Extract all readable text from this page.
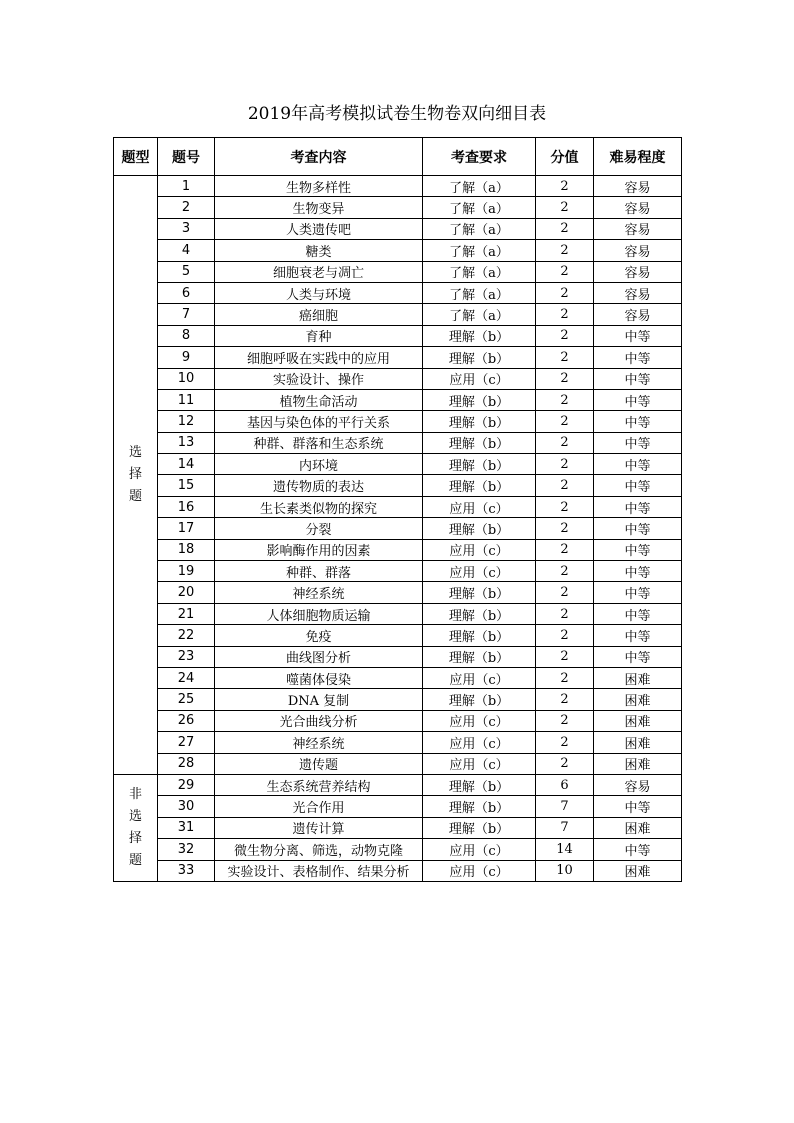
2019年高考模拟试卷生物卷双向细目表
题型	题号	考查内容	考查要求	分值	难易程度

选
择
题	1	生物多样性	了解（a）	2	容易
	2	生物变异	了解（a）	2	容易
	3	人类遗传吧	了解（a）	2	容易
	4	糖类	了解（a）	2	容易
	5	细胞衰老与凋亡	了解（a）	2	容易
	6	人类与环境	了解（a）	2	容易
	7	癌细胞	了解（a）	2	容易
	8	育种	理解（b）	2	中等
	9	细胞呼吸在实践中的应用	理解（b）	2	中等
	10	实验设计、操作	应用（c）	2	中等
	11	植物生命活动	理解（b）	2	中等
	12	基因与染色体的平行关系	理解（b）	2	中等
	13	种群、群落和生态系统	理解（b）	2	中等
	14	内环境	理解（b）	2	中等
	15	遗传物质的表达	理解（b）	2	中等
	16	生长素类似物的探究	应用（c）	2	中等
	17	分裂	理解（b）	2	中等
	18	影响酶作用的因素	应用（c）	2	中等
	19	种群、群落	应用（c）	2	中等
	20	神经系统	理解（b）	2	中等
	21	人体细胞物质运输	理解（b）	2	中等
	22	免疫	理解（b）	2	中等
	23	曲线图分析	理解（b）	2	中等
	24	噬菌体侵染	应用（c）	2	困难
	25	DNA 复制	理解（b）	2	困难
	26	光合曲线分析	应用（c）	2	困难
	27	神经系统	应用（c）	2	困难
	28	遗传题	应用（c）	2	困难

非
选
择
题	29	生态系统营养结构	理解（b）	6	容易
	30	光合作用	理解（b）	7	中等
	31	遗传计算	理解（b）	7	困难
	32	微生物分离、筛选，动物克隆	应用（c）	14	中等
	33	实验设计、表格制作、结果分析	应用（c）	10	困难
